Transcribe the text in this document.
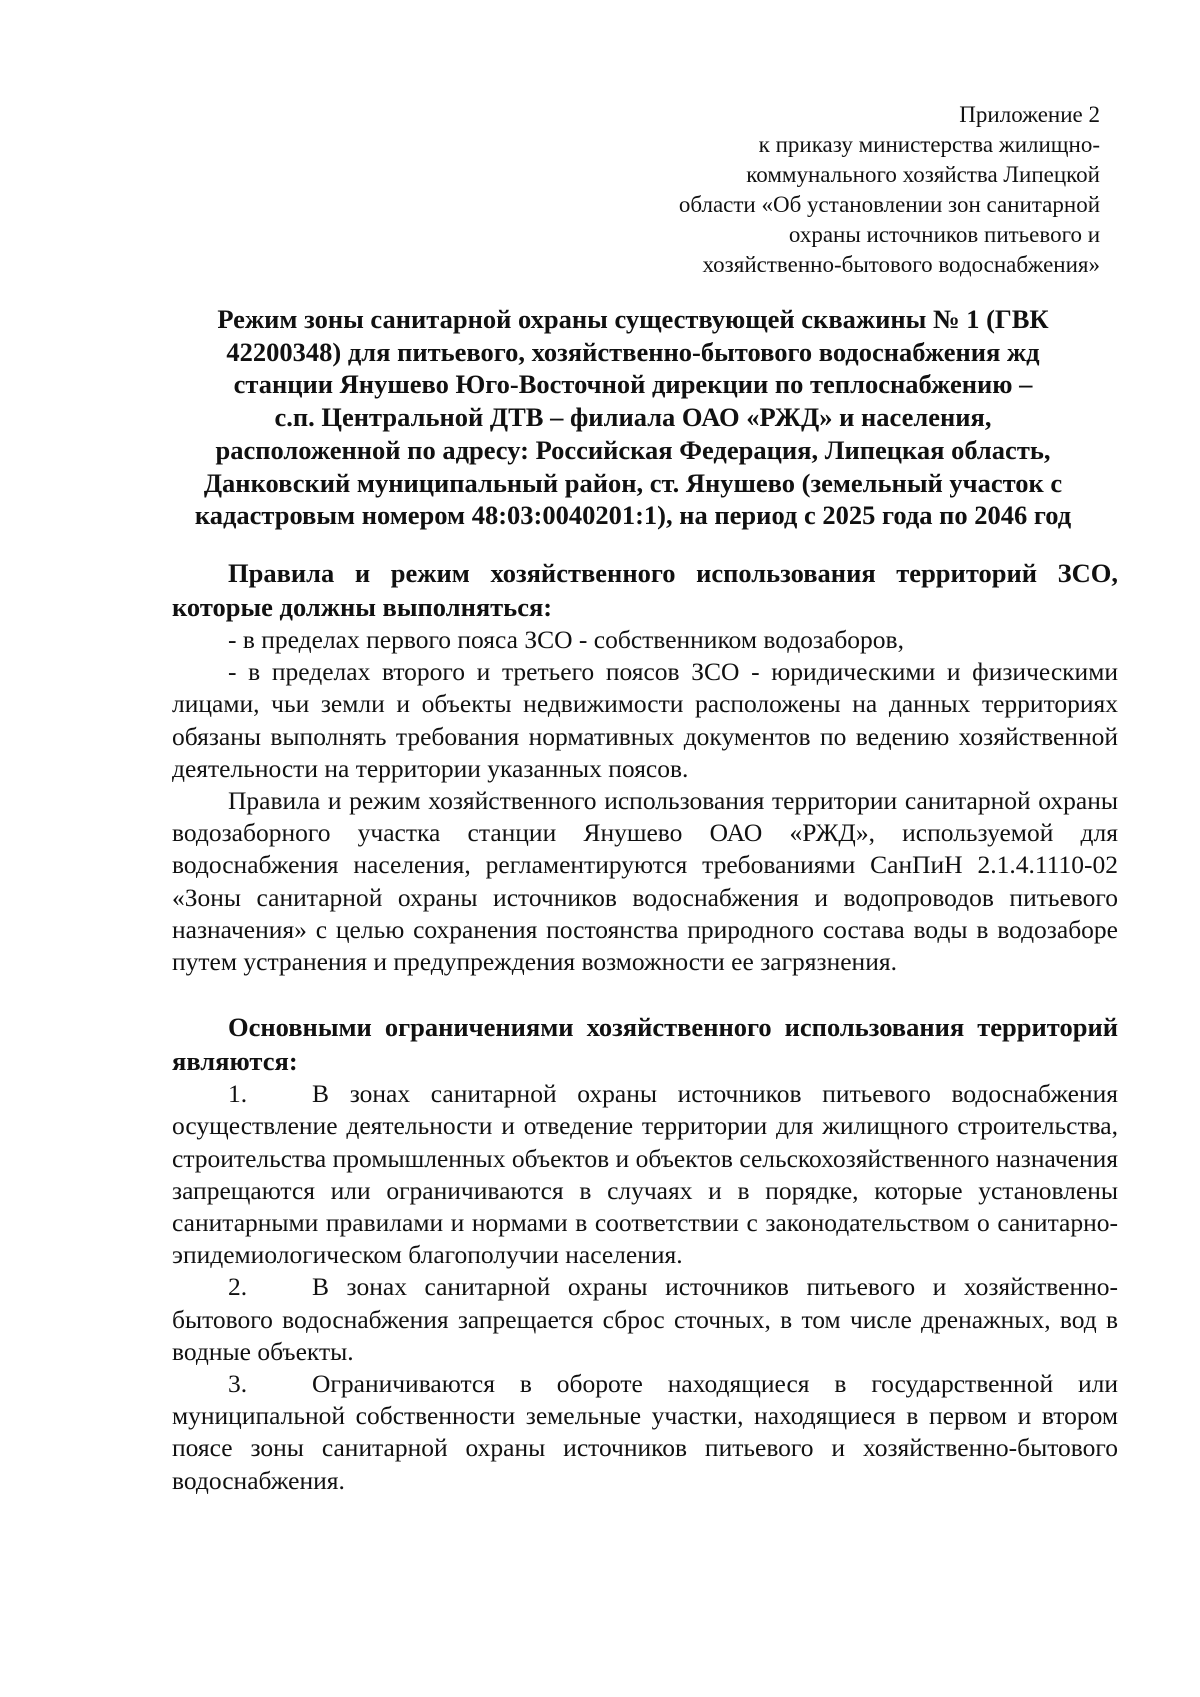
Приложение 2
к приказу министерства жилищно-
коммунального хозяйства Липецкой
области «Об установлении зон санитарной
охраны источников питьевого и
хозяйственно-бытового водоснабжения»
Режим зоны санитарной охраны существующей скважины № 1 (ГВК
42200348) для питьевого, хозяйственно-бытового водоснабжения жд
станции Янушево Юго-Восточной дирекции по теплоснабжению –
с.п. Центральной ДТВ – филиала ОАО «РЖД» и населения,
расположенной по адресу: Российская Федерация, Липецкая область,
Данковский муниципальный район, ст. Янушево (земельный участок с
кадастровым номером 48:03:0040201:1), на период с 2025 года по 2046 год

Правила и режим хозяйственного использования территорий ЗСО, которые должны выполняться:

- в пределах первого пояса ЗСО - собственником водозаборов,

- в пределах второго и третьего поясов ЗСО - юридическими и физическими лицами, чьи земли и объекты недвижимости расположены на данных территориях обязаны выполнять требования нормативных документов по ведению хозяйственной деятельности на территории указанных поясов.

Правила и режим хозяйственного использования территории санитарной охраны водозаборного участка станции Янушево ОАО «РЖД», используемой для водоснабжения населения, регламентируются требованиями СанПиН 2.1.4.1110-02 «Зоны санитарной охраны источников водоснабжения и водопроводов питьевого назначения» с целью сохранения постоянства природного состава воды в водозаборе путем устранения и предупреждения возможности ее загрязнения.

Основными ограничениями хозяйственного использования территорий являются:

1.	В зонах санитарной охраны источников питьевого водоснабжения осуществление деятельности и отведение территории для жилищного строительства, строительства промышленных объектов и объектов сельскохозяйственного назначения запрещаются или ограничиваются в случаях и в порядке, которые установлены санитарными правилами и нормами в соответствии с законодательством о санитарно-эпидемиологическом благополучии населения.

2.	В зонах санитарной охраны источников питьевого и хозяйственно-бытового водоснабжения запрещается сброс сточных, в том числе дренажных, вод в водные объекты.

3.	Ограничиваются в обороте находящиеся в государственной или муниципальной собственности земельные участки, находящиеся в первом и втором поясе зоны санитарной охраны источников питьевого и хозяйственно-бытового водоснабжения.
